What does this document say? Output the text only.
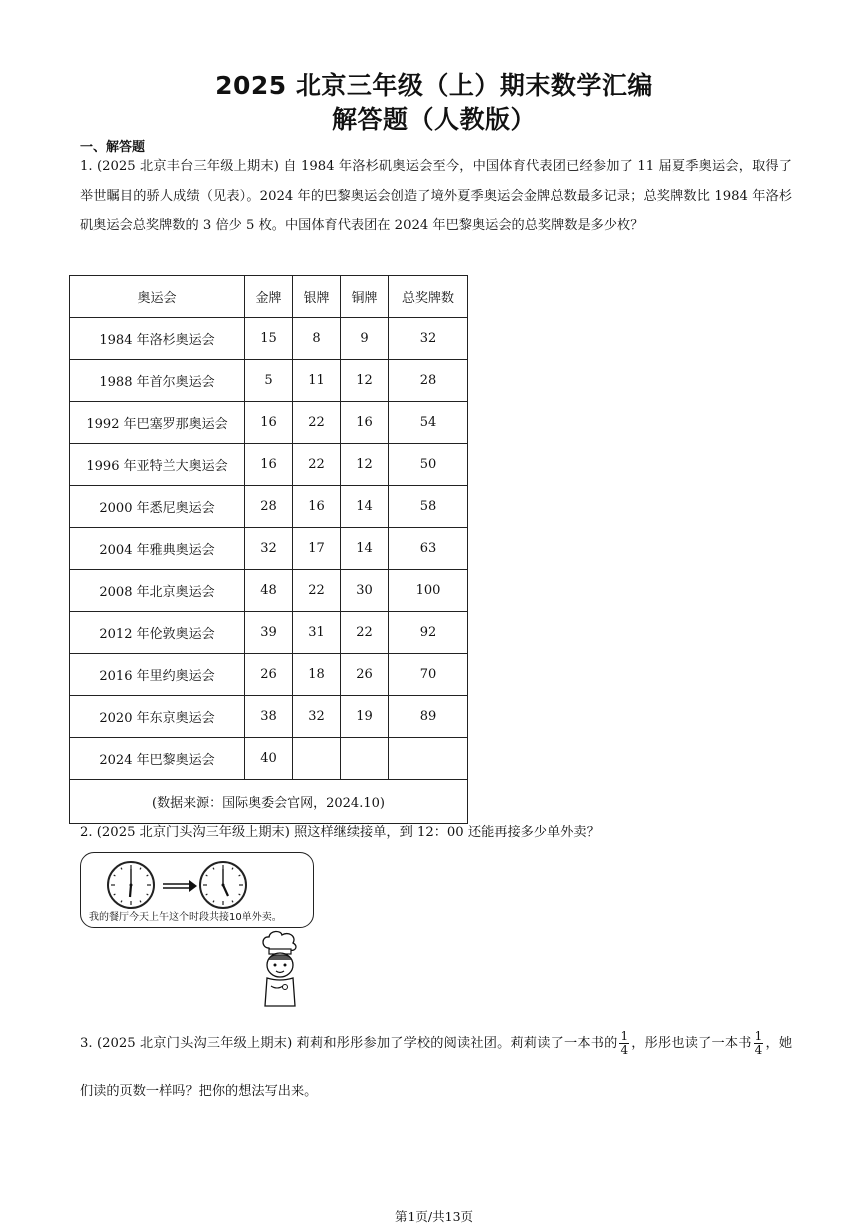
2025 北京三年级（上）期末数学汇编
解答题（人教版）
一、解答题
1. (2025 北京丰台三年级上期末) 自 1984 年洛杉矶奥运会至今，中国体育代表团已经参加了 11 届夏季奥运会，取得了举世瞩目的骄人成绩（见表）。2024 年的巴黎奥运会创造了境外夏季奥运会金牌总数最多记录；总奖牌数比 1984 年洛杉矶奥运会总奖牌数的 3 倍少 5 枚。中国体育代表团在 2024 年巴黎奥运会的总奖牌数是多少枚？
奥运会	金牌	银牌	铜牌	总奖牌数
1984 年洛杉奥运会	15	8	9	32
1988 年首尔奥运会	5	11	12	28
1992 年巴塞罗那奥运会	16	22	16	54
1996 年亚特兰大奥运会	16	22	12	50
2000 年悉尼奥运会	28	16	14	58
2004 年雅典奥运会	32	17	14	63
2008 年北京奥运会	48	22	30	100
2012 年伦敦奥运会	39	31	22	92
2016 年里约奥运会	26	18	26	70
2020 年东京奥运会	38	32	19	89
2024 年巴黎奥运会	40			
(数据来源：国际奥委会官网，2024.10)				
2. (2025 北京门头沟三年级上期末) 照这样继续接单，到 12：00 还能再接多少单外卖？
我的餐厅今天上午这个时段共接10单外卖。
3. (2025 北京门头沟三年级上期末) 莉莉和彤彤参加了学校的阅读社团。莉莉读了一本书的 $\frac{1}{4}$ ，彤彤也读了一本书 $\frac{1}{4}$ ，她们读的页数一样吗？把你的想法写出来。
第1页/共13页
